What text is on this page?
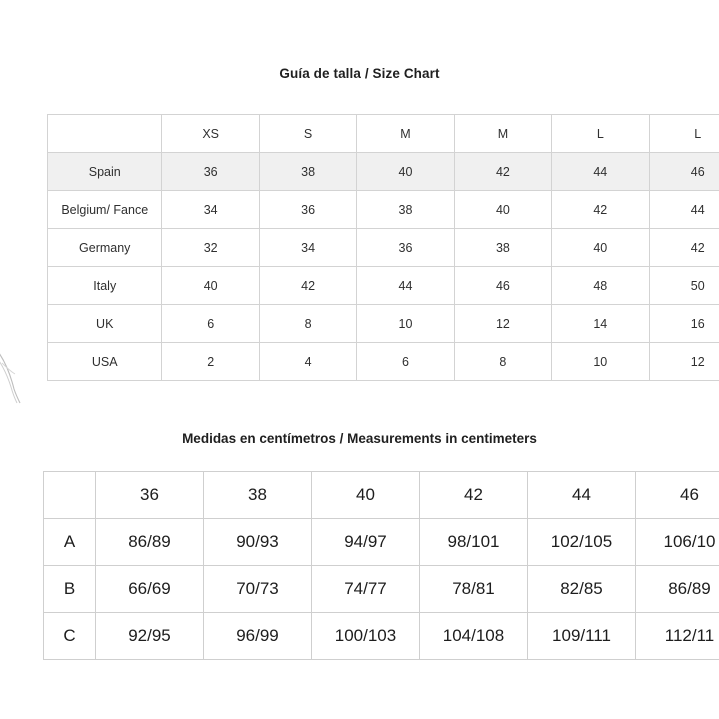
Guía de talla / Size Chart
	XS	S	M	M	L	L
Spain	36	38	40	42	44	46
Belgium/ Fance	34	36	38	40	42	44
Germany	32	34	36	38	40	42
Italy	40	42	44	46	48	50
UK	6	8	10	12	14	16
USA	2	4	6	8	10	12
Medidas en centímetros / Measurements in centimeters
	36	38	40	42	44	46
A	86/89	90/93	94/97	98/101	102/105	106/10
B	66/69	70/73	74/77	78/81	82/85	86/89
C	92/95	96/99	100/103	104/108	109/111	112/11
